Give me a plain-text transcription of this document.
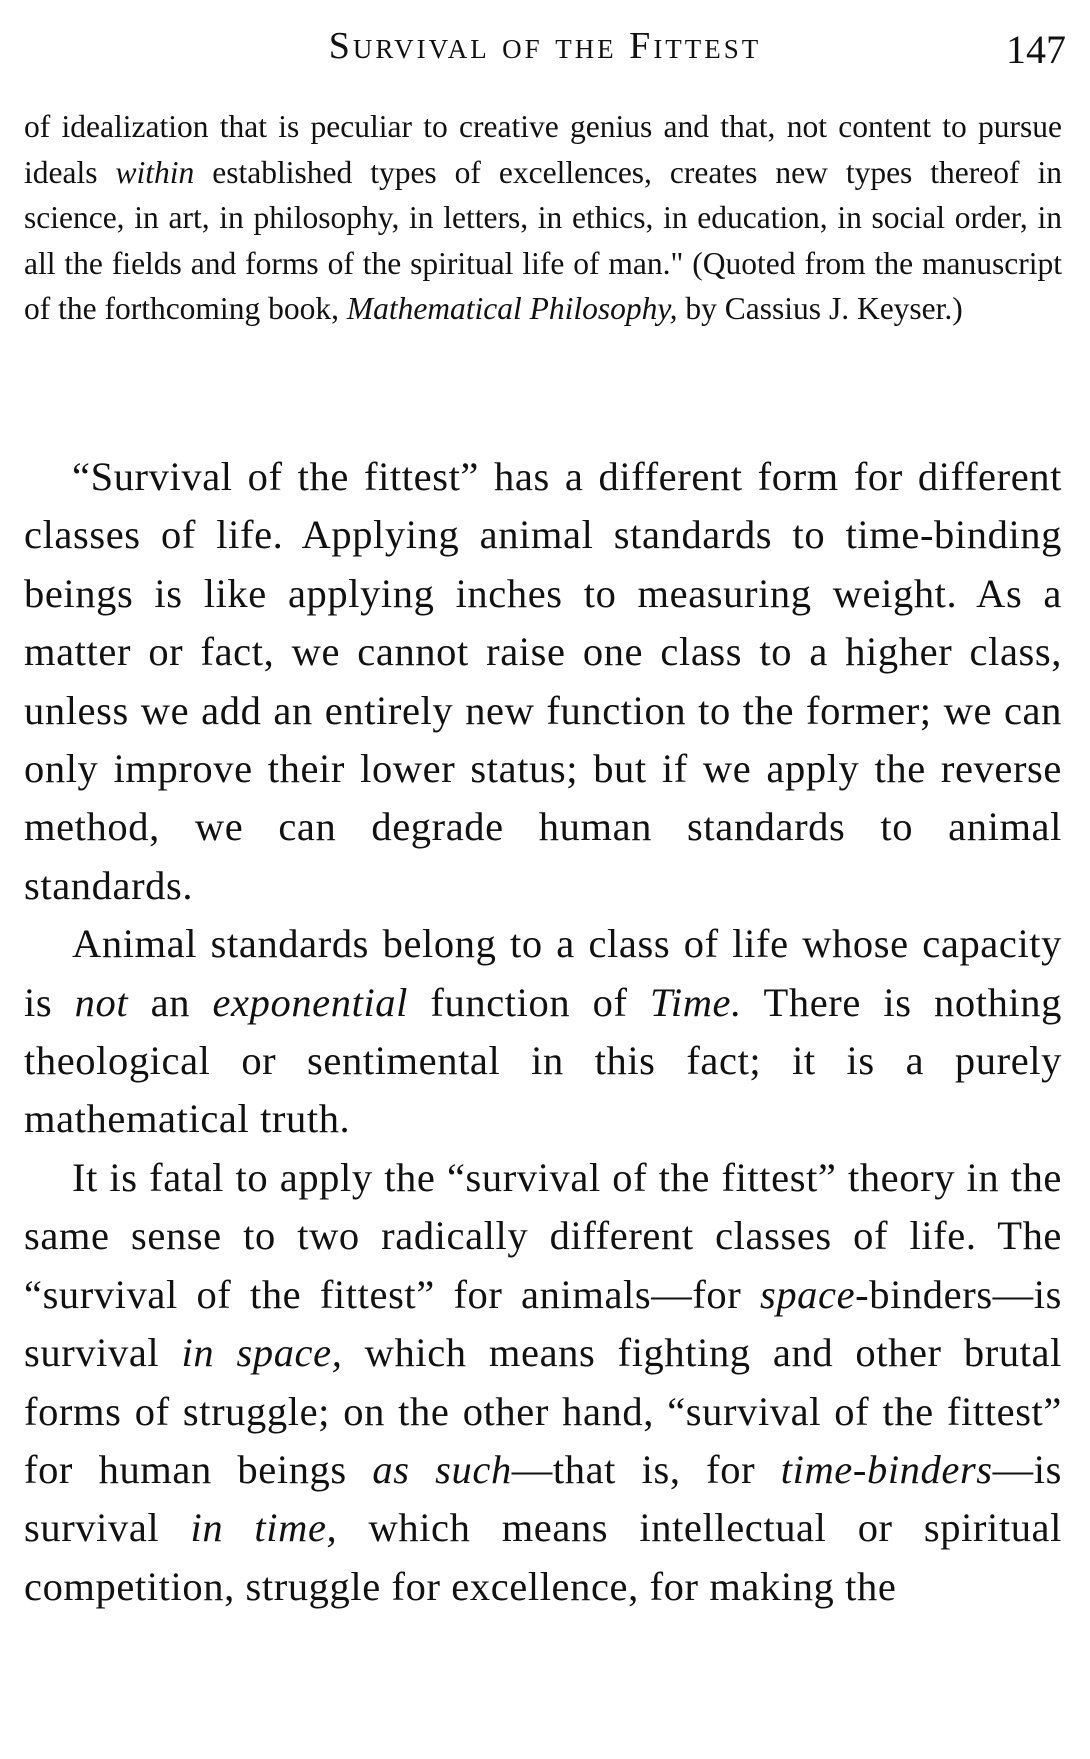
Survival of the Fittest	147

of idealization that is peculiar to creative genius and that, not content to pursue ideals within established types of excellences, creates new types thereof in science, in art, in philosophy, in letters, in ethics, in education, in social order, in all the fields and forms of the spiritual life of man." (Quoted from the manuscript of the forthcoming book, Mathematical Philosophy, by Cassius J. Keyser.)

“Survival of the fittest” has a different form for different classes of life. Applying animal standards to time-binding beings is like applying inches to measuring weight. As a matter or fact, we cannot raise one class to a higher class, unless we add an entirely new function to the former; we can only improve their lower status; but if we apply the reverse method, we can degrade human standards to animal standards.

Animal standards belong to a class of life whose capacity is not an exponential function of Time. There is nothing theological or sentimental in this fact; it is a purely mathematical truth.

It is fatal to apply the “survival of the fittest” theory in the same sense to two radically different classes of life. The “survival of the fittest” for animals—for space-binders—is survival in space, which means fighting and other brutal forms of struggle; on the other hand, “survival of the fittest” for human beings as such—that is, for time-binders—is survival in time, which means intellectual or spiritual competition, struggle for excellence, for making the
